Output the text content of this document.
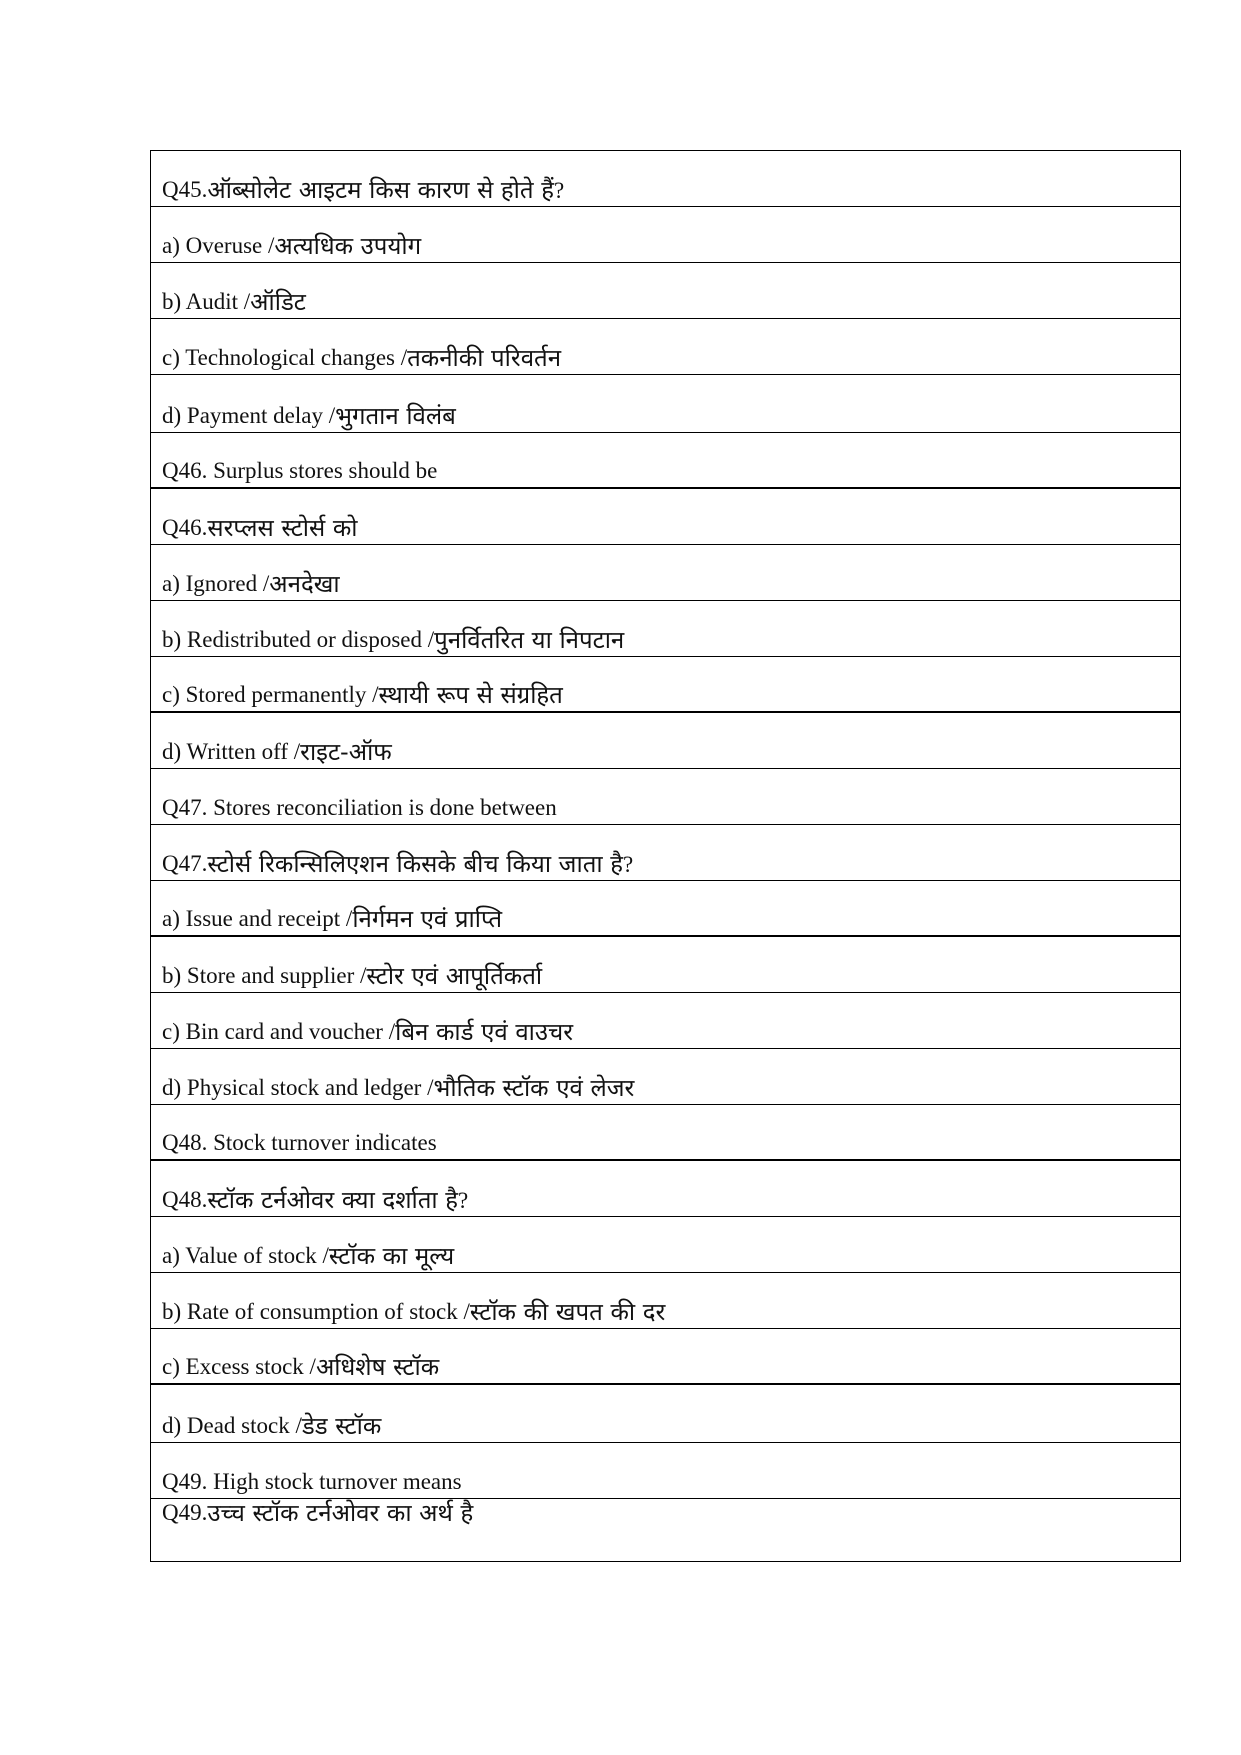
Q45. ऑब्सोलेट आइटम किस कारण से होते हैं ?
a) Overuse / अत्यधिक उपयोग
b) Audit / ऑडिट
c) Technological changes / तकनीकी परिवर्तन
d) Payment delay / भुगतान विलंब
Q46. Surplus stores should be
Q46. सरप्लस स्टोर्स को
a) Ignored / अनदेखा
b) Redistributed or disposed / पुनर्वितरित या निपटान
c) Stored permanently / स्थायी रूप से संग्रहित
d) Written off / राइट-ऑफ
Q47. Stores reconciliation is done between
Q47. स्टोर्स रिकन्सिलिएशन किसके बीच किया जाता है ?
a) Issue and receipt / निर्गमन एवं प्राप्ति
b) Store and supplier / स्टोर एवं आपूर्तिकर्ता
c) Bin card and voucher / बिन कार्ड एवं वाउचर
d) Physical stock and ledger / भौतिक स्टॉक एवं लेजर
Q48. Stock turnover indicates
Q48. स्टॉक टर्नओवर क्या दर्शाता है ?
a) Value of stock / स्टॉक का मूल्य
b) Rate of consumption of stock / स्टॉक की खपत की दर
c) Excess stock / अधिशेष स्टॉक
d) Dead stock / डेड स्टॉक
Q49. High stock turnover means
Q49. उच्च स्टॉक टर्नओवर का अर्थ है
